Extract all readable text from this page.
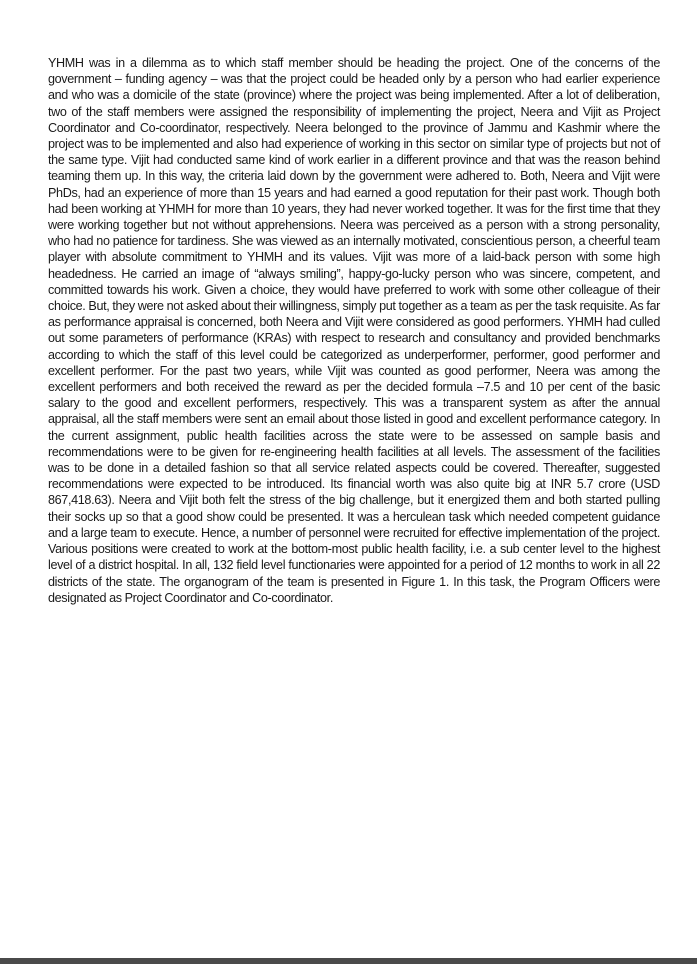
YHMH was in a dilemma as to which staff member should be heading the project. One of the concerns of the government – funding agency – was that the project could be headed only by a person who had earlier experience and who was a domicile of the state (province) where the project was being implemented. After a lot of deliberation, two of the staff members were assigned the responsibility of implementing the project, Neera and Vijit as Project Coordinator and Co-coordinator, respectively. Neera belonged to the province of Jammu and Kashmir where the project was to be implemented and also had experience of working in this sector on similar type of projects but not of the same type. Vijit had conducted same kind of work earlier in a different province and that was the reason behind teaming them up. In this way, the criteria laid down by the government were adhered to. Both, Neera and Vijit were PhDs, had an experience of more than 15 years and had earned a good reputation for their past work. Though both had been working at YHMH for more than 10 years, they had never worked together. It was for the first time that they were working together but not without apprehensions. Neera was perceived as a person with a strong personality, who had no patience for tardiness. She was viewed as an internally motivated, conscientious person, a cheerful team player with absolute commitment to YHMH and its values. Vijit was more of a laid-back person with some high headedness. He carried an image of “always smiling”, happy-go-lucky person who was sincere, competent, and committed towards his work. Given a choice, they would have preferred to work with some other colleague of their choice. But, they were not asked about their willingness, simply put together as a team as per the task requisite. As far as performance appraisal is concerned, both Neera and Vijit were considered as good performers. YHMH had culled out some parameters of performance (KRAs) with respect to research and consultancy and provided benchmarks according to which the staff of this level could be categorized as underperformer, performer, good performer and excellent performer. For the past two years, while Vijit was counted as good performer, Neera was among the excellent performers and both received the reward as per the decided formula –7.5 and 10 per cent of the basic salary to the good and excellent performers, respectively. This was a transparent system as after the annual appraisal, all the staff members were sent an email about those listed in good and excellent performance category. In the current assignment, public health facilities across the state were to be assessed on sample basis and recommendations were to be given for re-engineering health facilities at all levels. The assessment of the facilities was to be done in a detailed fashion so that all service related aspects could be covered. Thereafter, suggested recommendations were expected to be introduced. Its financial worth was also quite big at INR 5.7 crore (USD 867,418.63). Neera and Vijit both felt the stress of the big challenge, but it energized them and both started pulling their socks up so that a good show could be presented. It was a herculean task which needed competent guidance and a large team to execute. Hence, a number of personnel were recruited for effective implementation of the project. Various positions were created to work at the bottom-most public health facility, i.e. a sub center level to the highest level of a district hospital. In all, 132 field level functionaries were appointed for a period of 12 months to work in all 22 districts of the state. The organogram of the team is presented in Figure 1. In this task, the Program Officers were designated as Project Coordinator and Co-coordinator.
